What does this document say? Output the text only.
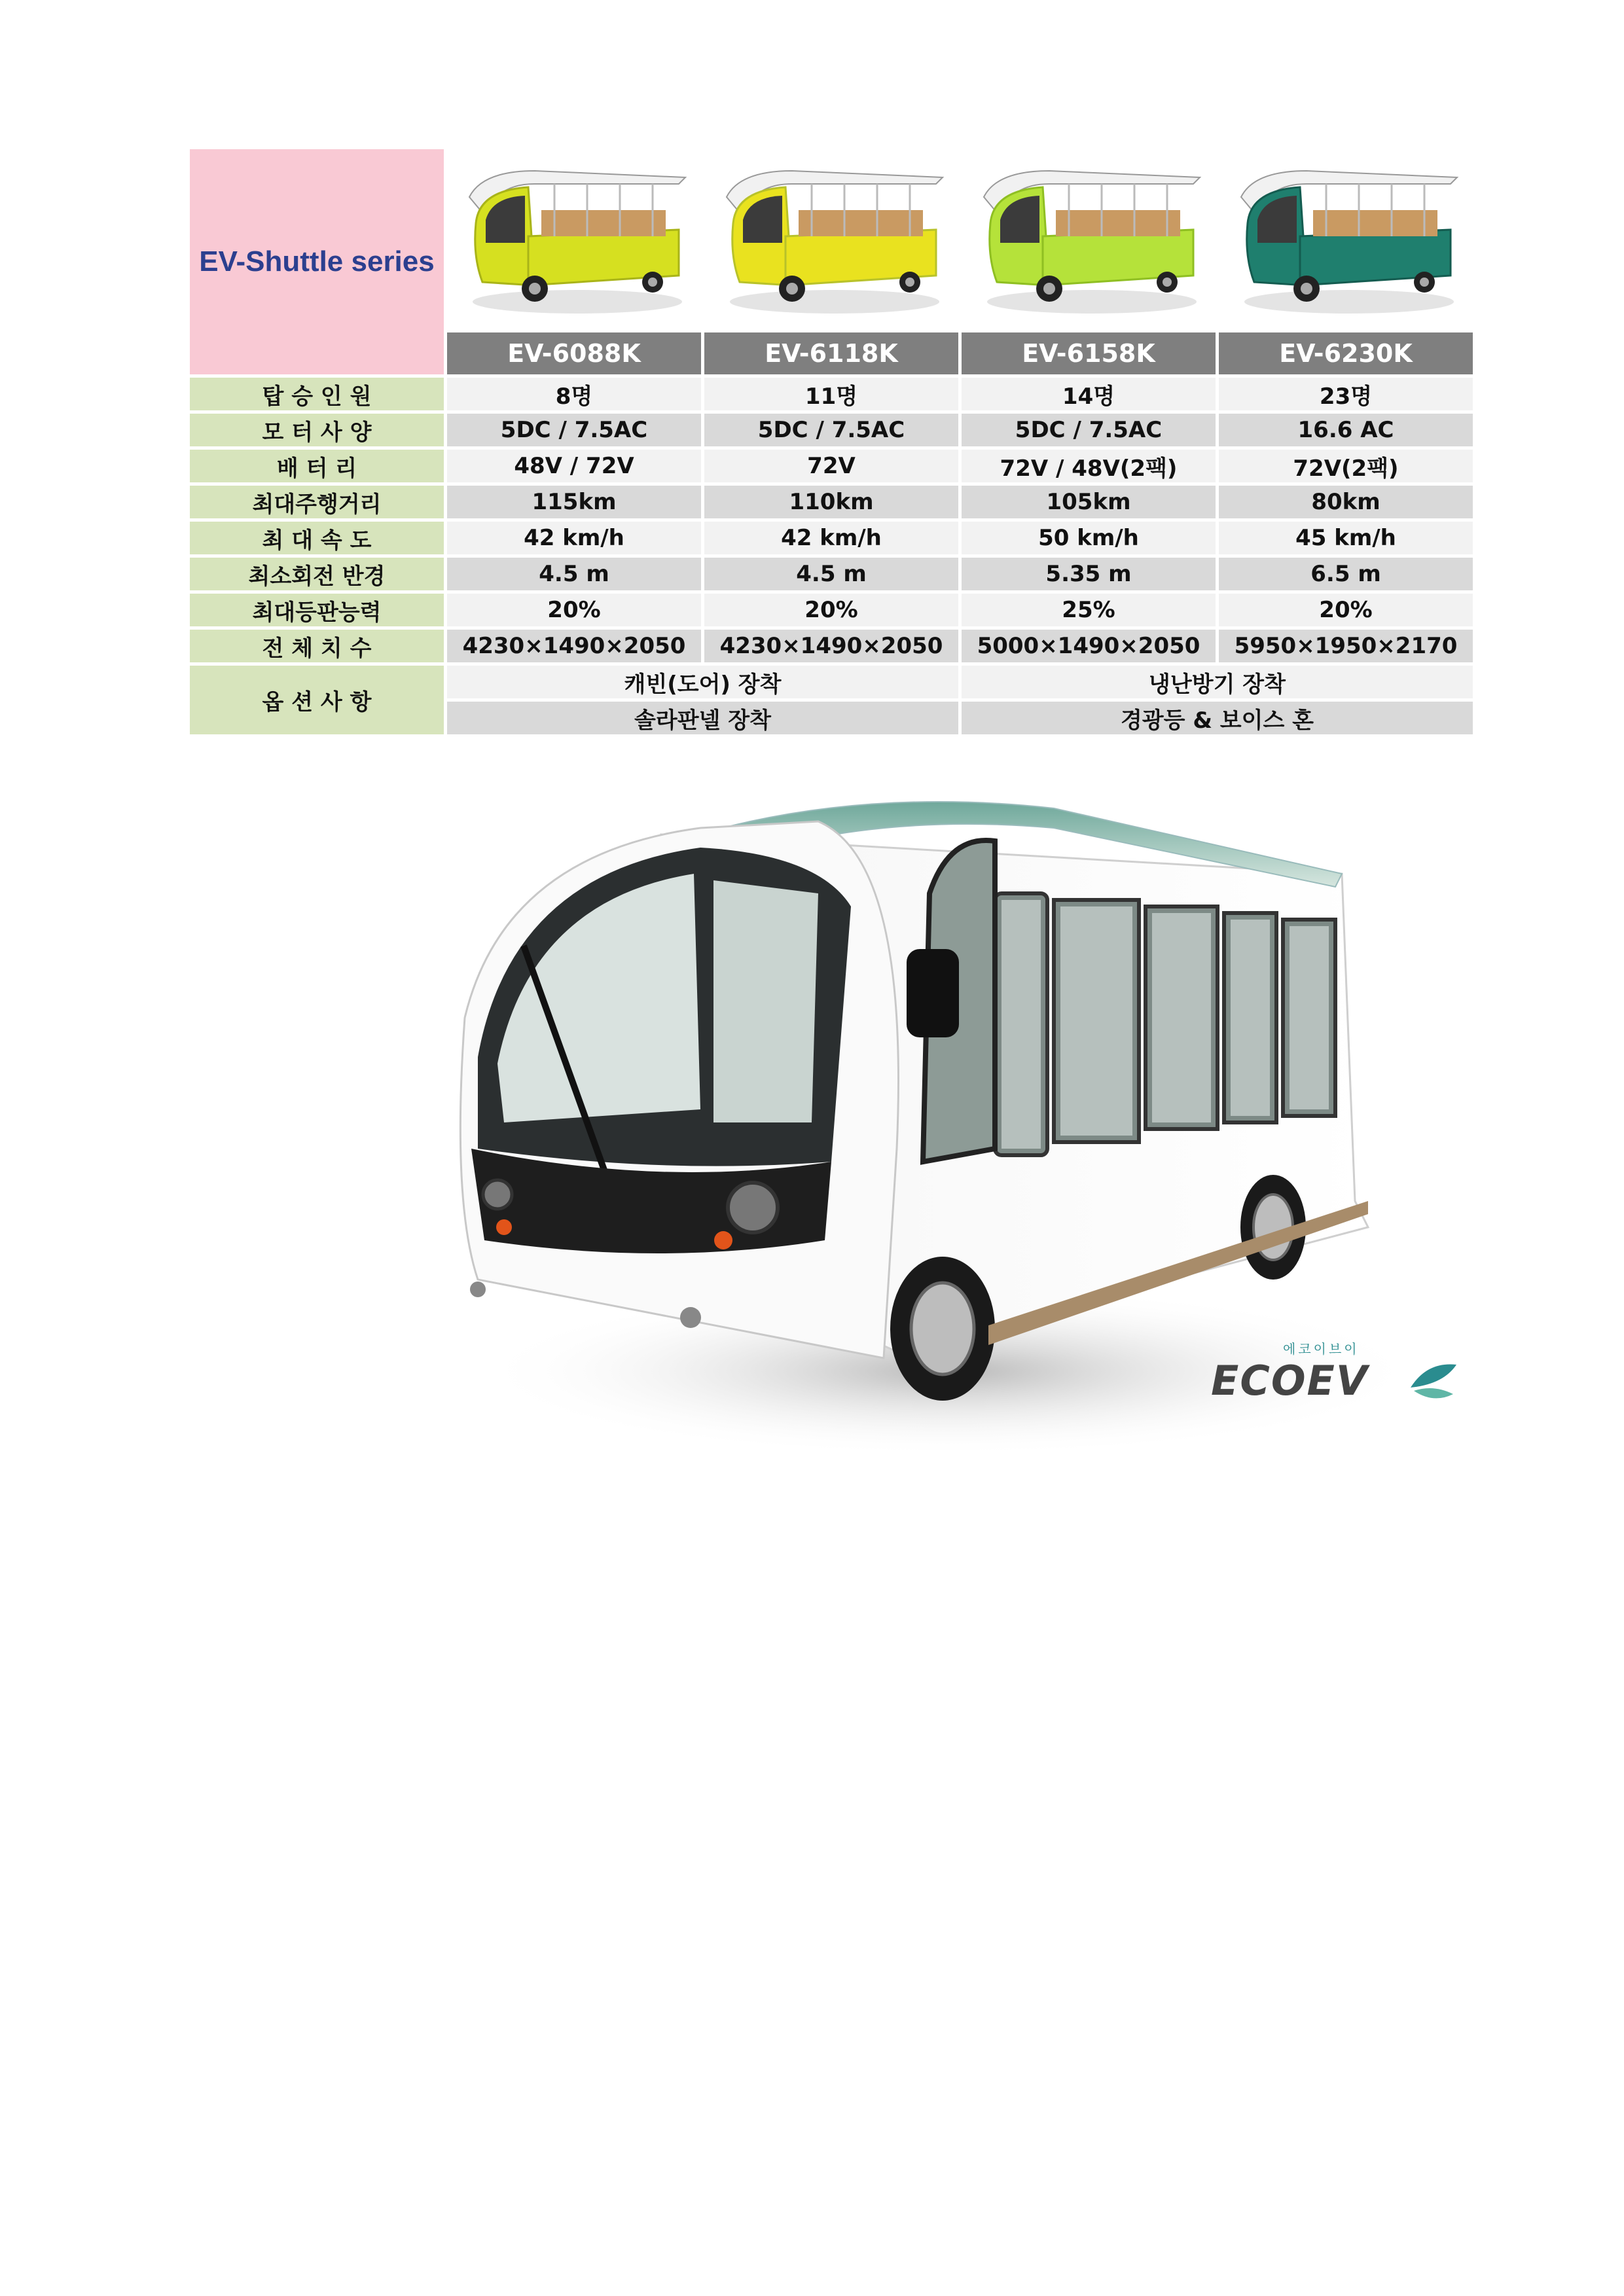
EV-Shuttle series
EV-6088K	EV-6118K	EV-6158K	EV-6230K
탑 승 인 원	8명	11명	14명	23명
모 터 사 양	5DC / 7.5AC	5DC / 7.5AC	5DC / 7.5AC	16.6 AC
배 터 리	48V / 72V	72V	72V / 48V(2팩)	72V(2팩)
최대주행거리	115km	110km	105km	80km
최 대 속 도	42 km/h	42 km/h	50 km/h	45 km/h
최소회전 반경	4.5 m	4.5 m	5.35 m	6.5 m
최대등판능력	20%	20%	25%	20%
전 체 치 수	4230×1490×2050	4230×1490×2050	5000×1490×2050	5950×1950×2170
옵 션 사 항
캐빈(도어) 장착	냉난방기 장착
솔라판넬 장착	경광등 & 보이스 혼
에코이브이
ECOEV
